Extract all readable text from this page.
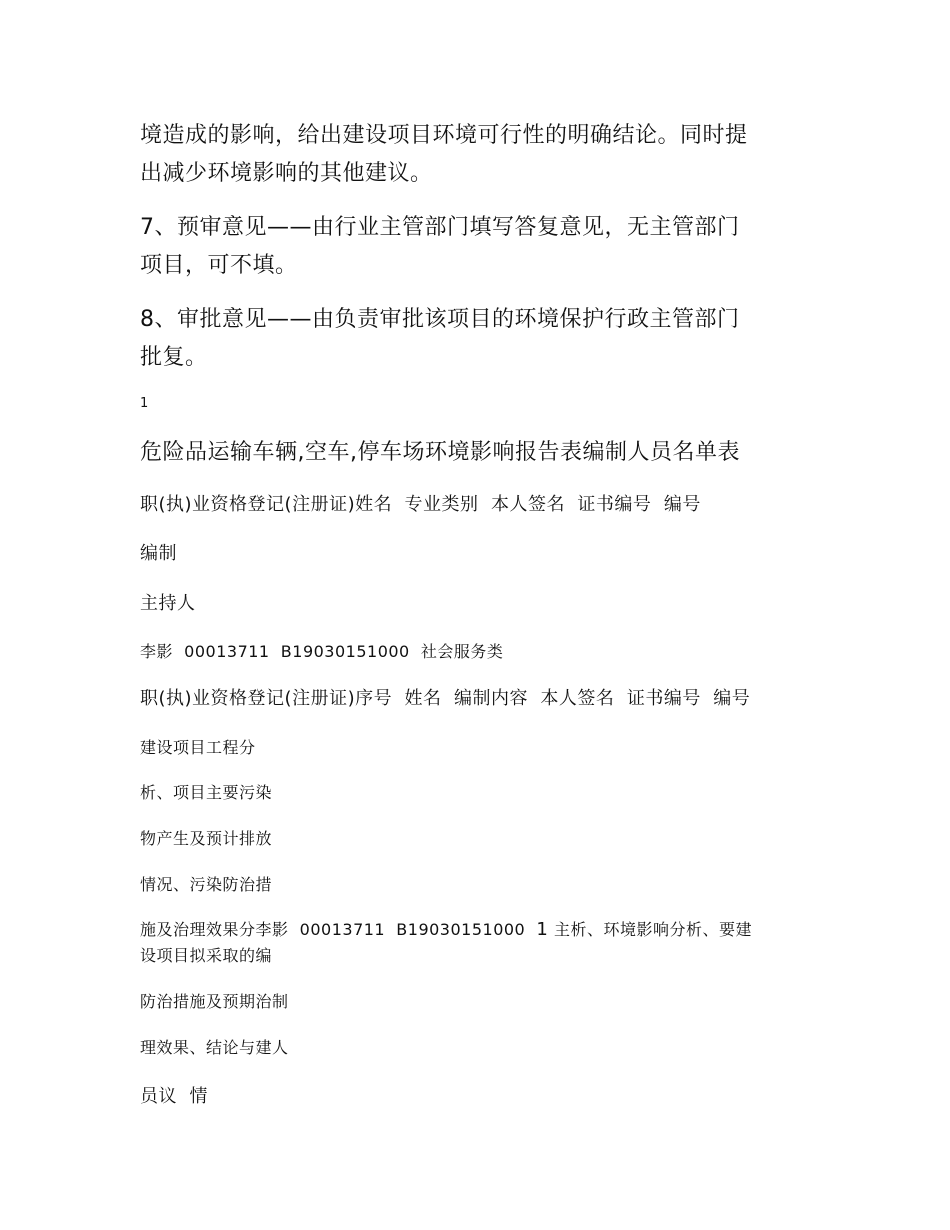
境造成的影响，给出建设项目环境可行性的明确结论。同时提

出减少环境影响的其他建议。

7、预审意见——由行业主管部门填写答复意见，无主管部门

项目，可不填。

8、审批意见——由负责审批该项目的环境保护行政主管部门

批复。

1

危险品运输车辆,空车,停车场环境影响报告表编制人员名单表

职(执)业资格登记(注册证)姓名  专业类别  本人签名  证书编号  编号

编制

主持人

李影  00013711  B19030151000  社会服务类

职(执)业资格登记(注册证)序号  姓名  编制内容  本人签名  证书编号  编号

建设项目工程分

析、项目主要污染

物产生及预计排放

情况、污染防治措

施及治理效果分李影  00013711  B19030151000  1 主析、环境影响分析、要建

设项目拟采取的编

防治措施及预期治制

理效果、结论与建人

员议  情
